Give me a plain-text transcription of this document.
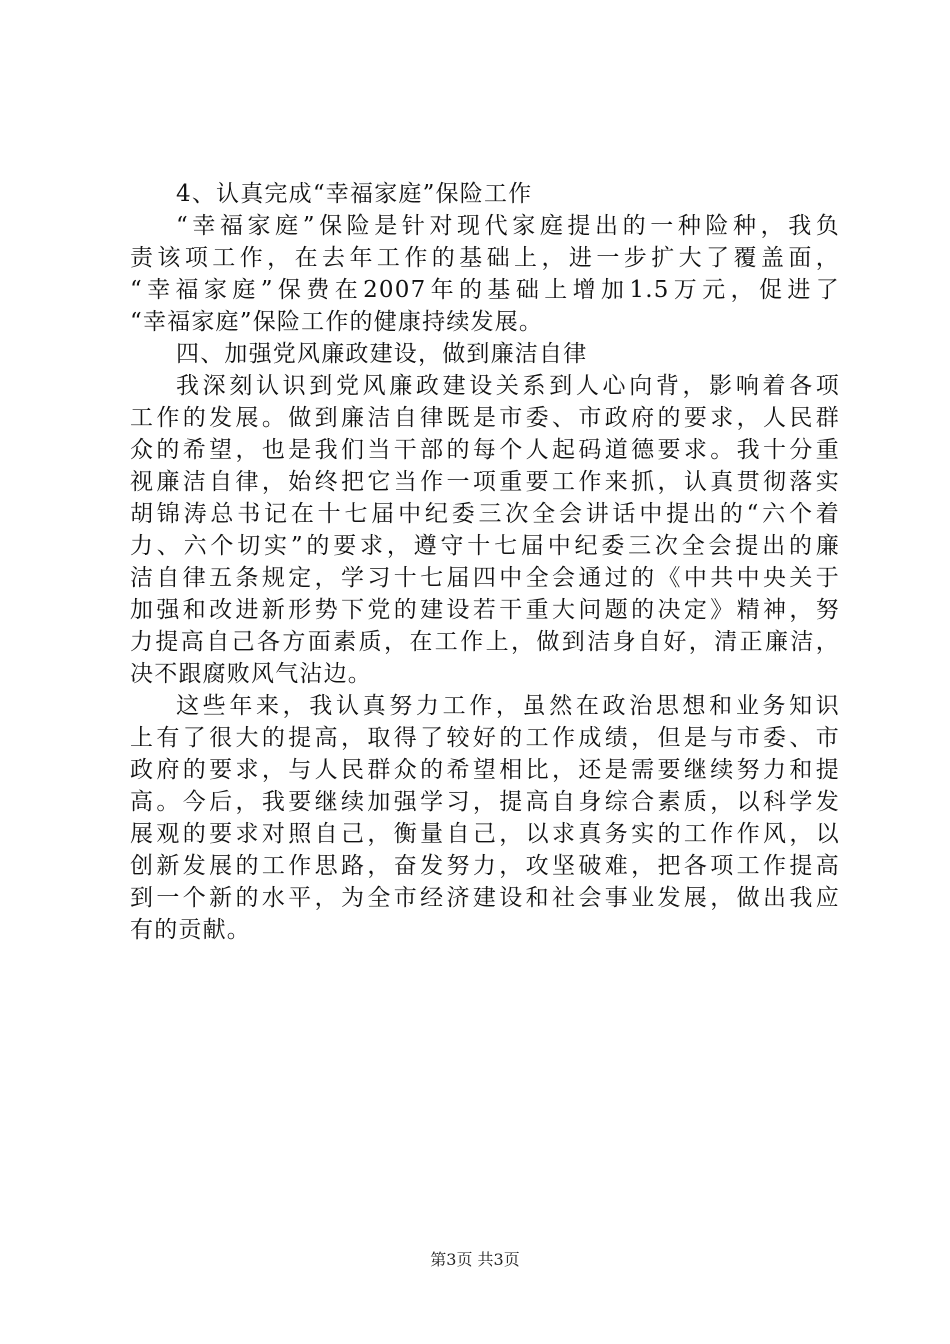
4、认真完成“幸福家庭”保险工作
“幸福家庭”保险是针对现代家庭提出的一种险种，我负
责该项工作，在去年工作的基础上，进一步扩大了覆盖面，
“幸福家庭”保费在2007年的基础上增加1.5万元，促进了
“幸福家庭”保险工作的健康持续发展。
四、加强党风廉政建设，做到廉洁自律
我深刻认识到党风廉政建设关系到人心向背，影响着各项
工作的发展。做到廉洁自律既是市委、市政府的要求，人民群
众的希望，也是我们当干部的每个人起码道德要求。我十分重
视廉洁自律，始终把它当作一项重要工作来抓，认真贯彻落实
胡锦涛总书记在十七届中纪委三次全会讲话中提出的“六个着
力、六个切实”的要求，遵守十七届中纪委三次全会提出的廉
洁自律五条规定，学习十七届四中全会通过的《中共中央关于
加强和改进新形势下党的建设若干重大问题的决定》精神，努
力提高自己各方面素质，在工作上，做到洁身自好，清正廉洁，
决不跟腐败风气沾边。
这些年来，我认真努力工作，虽然在政治思想和业务知识
上有了很大的提高，取得了较好的工作成绩，但是与市委、市
政府的要求，与人民群众的希望相比，还是需要继续努力和提
高。今后，我要继续加强学习，提高自身综合素质，以科学发
展观的要求对照自己，衡量自己，以求真务实的工作作风，以
创新发展的工作思路，奋发努力，攻坚破难，把各项工作提高
到一个新的水平，为全市经济建设和社会事业发展，做出我应
有的贡献。
第3页 共3页
